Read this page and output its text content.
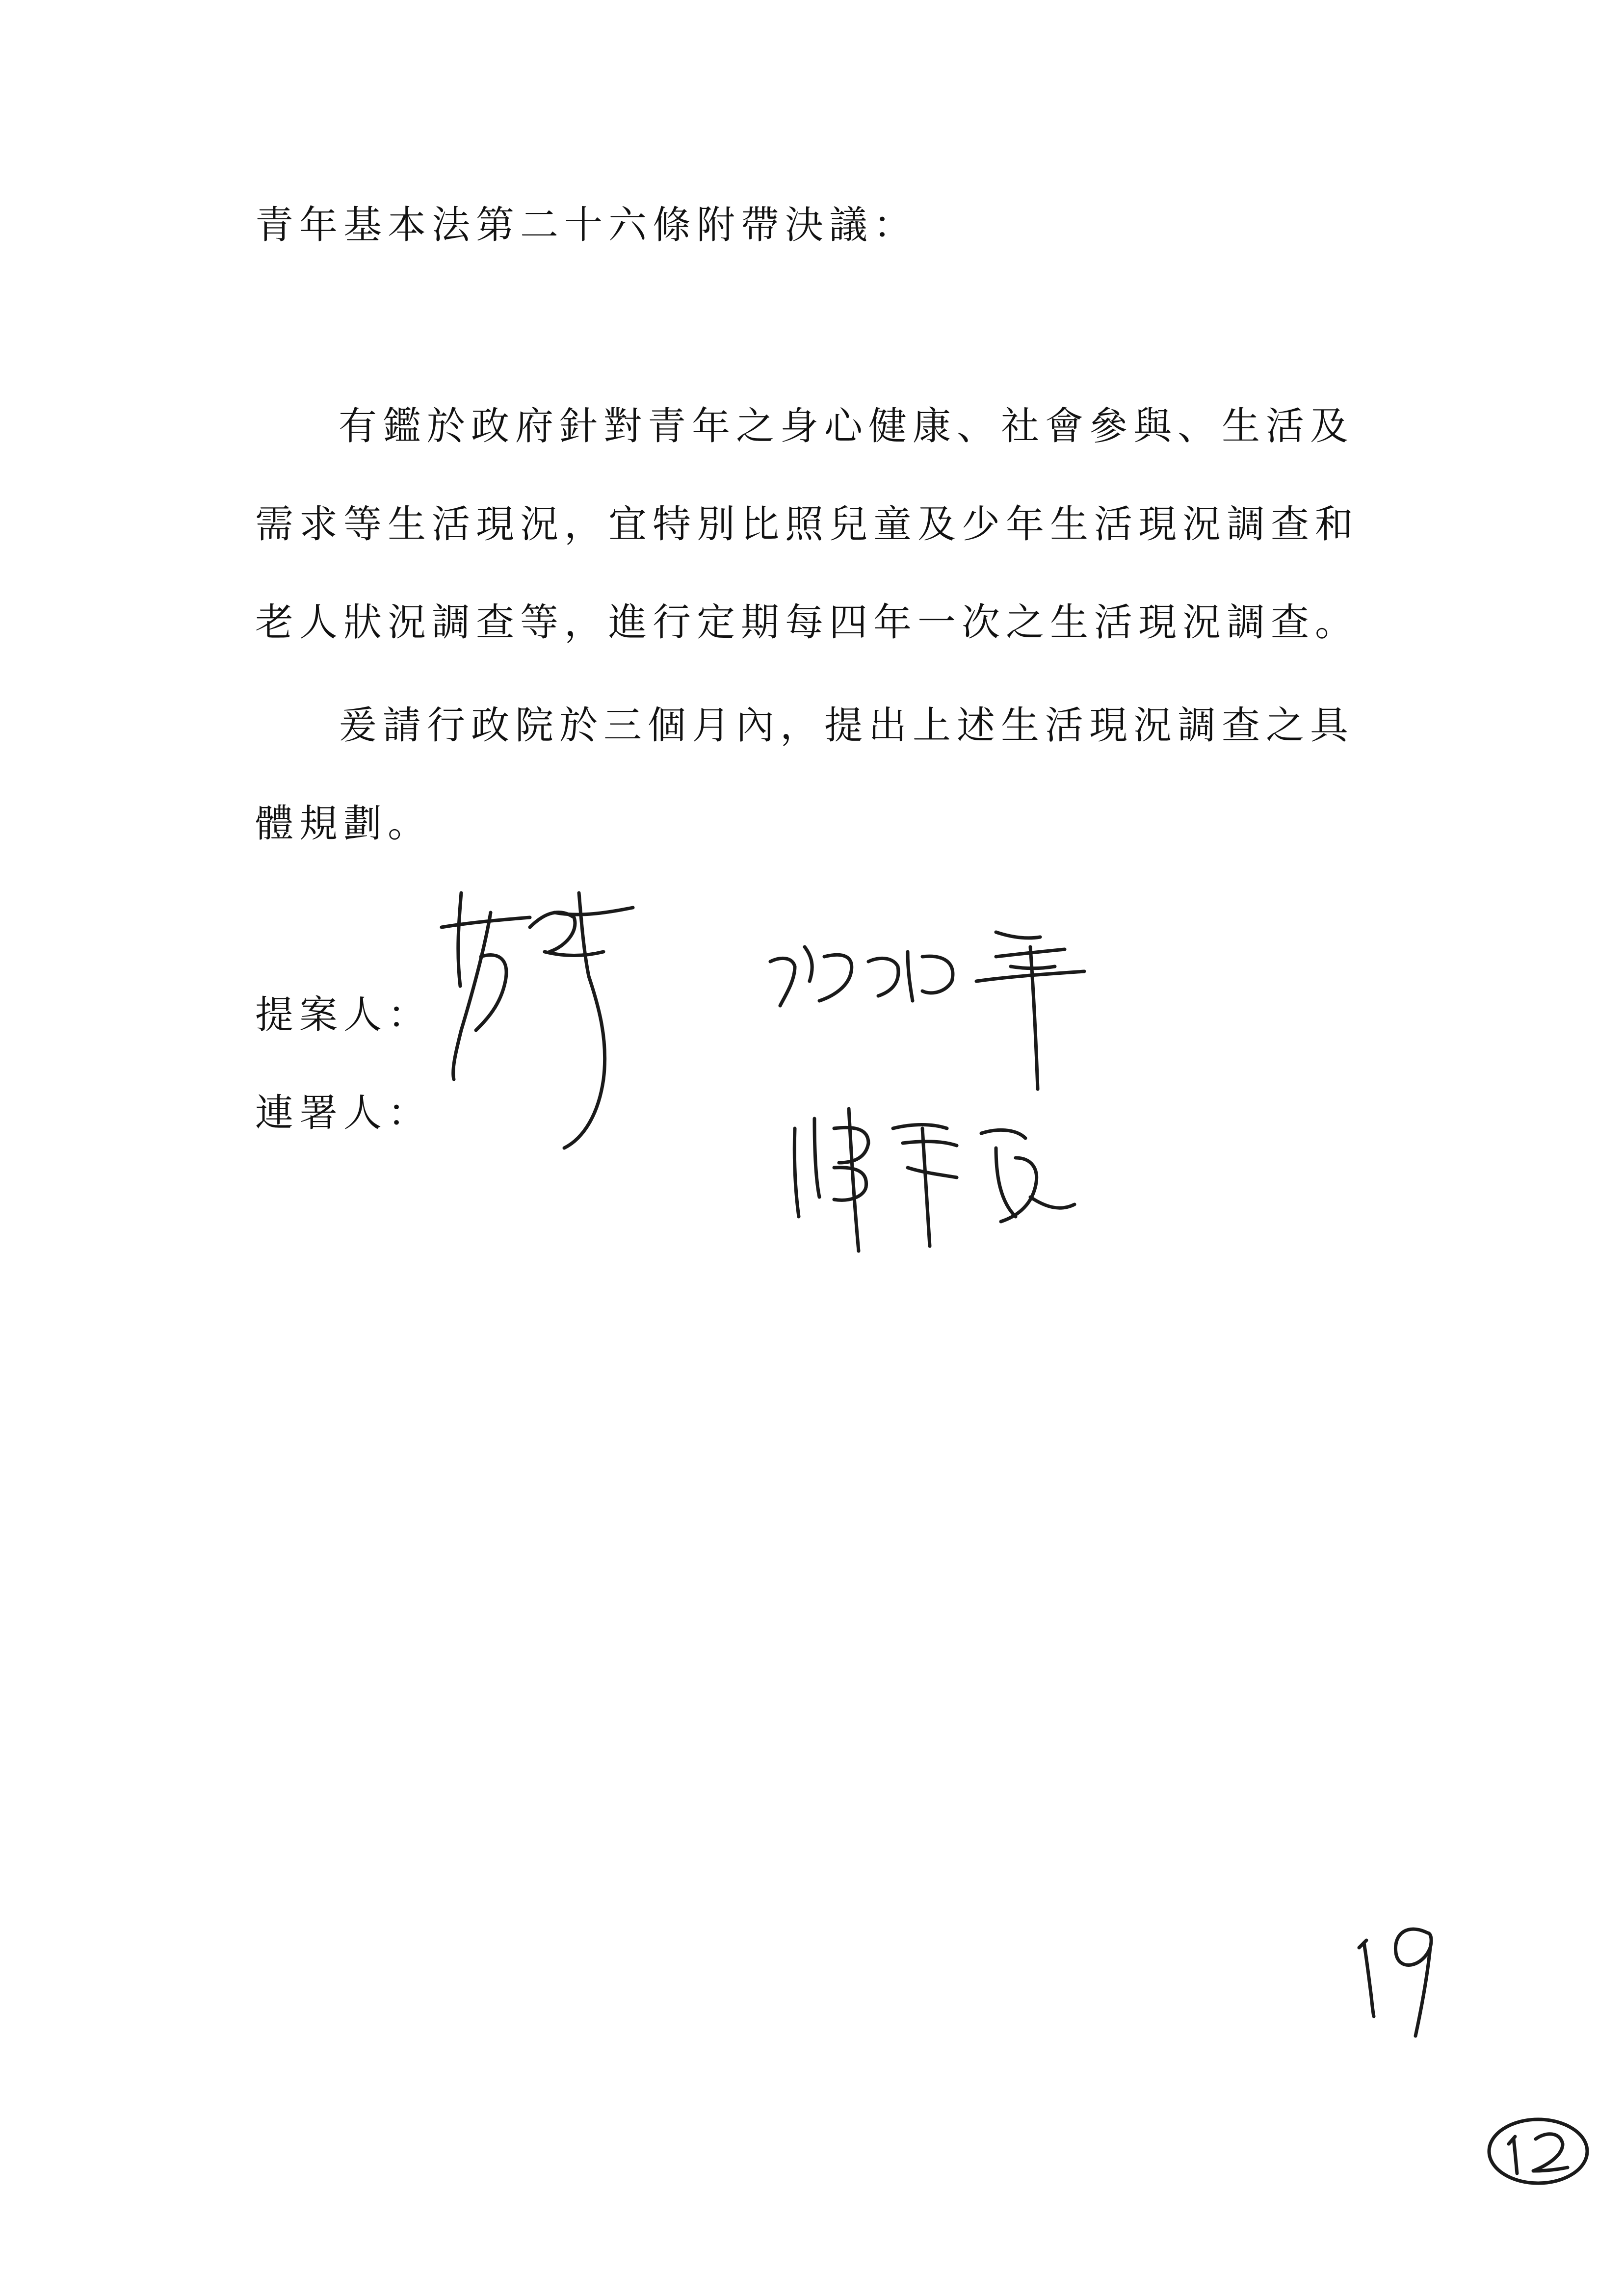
青年基本法第二十六條附帶決議：
有鑑於政府針對青年之身心健康、社會參與、生活及
需求等生活現況，宜特別比照兒童及少年生活現況調查和
老人狀況調查等，進行定期每四年一次之生活現況調查。
爰請行政院於三個月內，提出上述生活現況調查之具
體規劃。
提案人：
連署人：
